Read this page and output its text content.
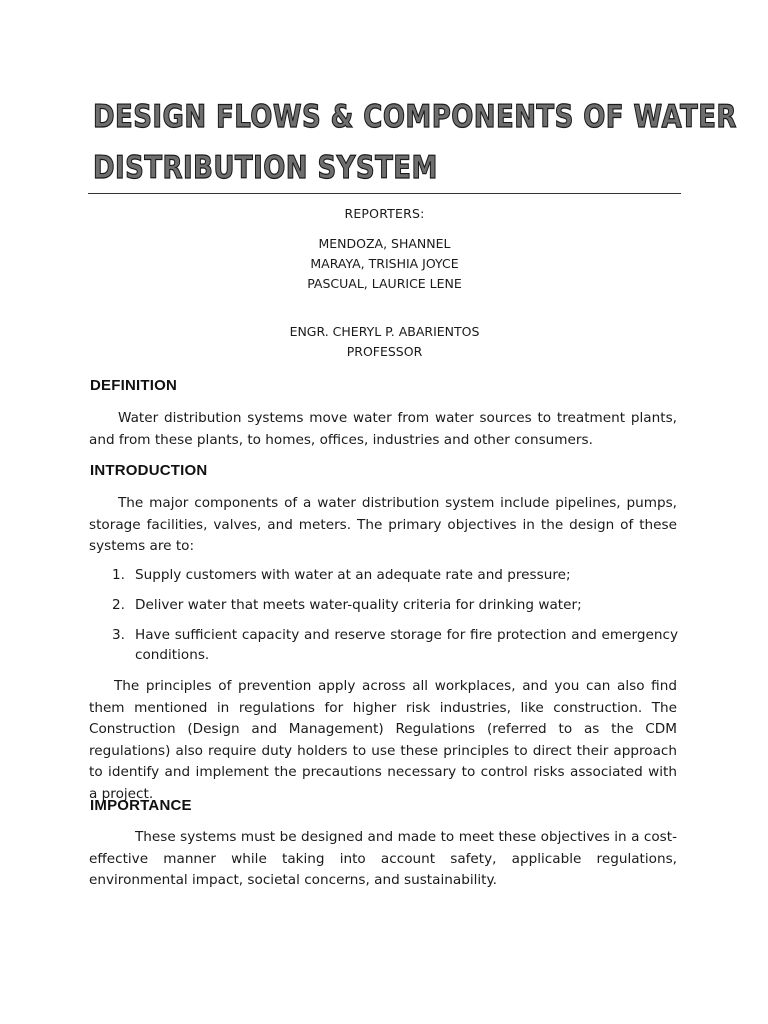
DESIGN FLOWS & COMPONENTS OF WATER
DISTRIBUTION SYSTEM
REPORTERS:
MENDOZA, SHANNEL
MARAYA, TRISHIA JOYCE
PASCUAL, LAURICE LENE
ENGR. CHERYL P. ABARIENTOS
PROFESSOR
DEFINITION
Water distribution systems move water from water sources to treatment plants, and from these plants, to homes, offices, industries and other consumers.
INTRODUCTION
The major components of a water distribution system include pipelines, pumps, storage facilities, valves, and meters. The primary objectives in the design of these systems are to:
1. Supply customers with water at an adequate rate and pressure;
2. Deliver water that meets water-quality criteria for drinking water;
3. Have sufficient capacity and reserve storage for fire protection and emergency conditions.
The principles of prevention apply across all workplaces, and you can also find them mentioned in regulations for higher risk industries, like construction. The Construction (Design and Management) Regulations (referred to as the CDM regulations) also require duty holders to use these principles to direct their approach to identify and implement the precautions necessary to control risks associated with a project.
IMPORTANCE
These systems must be designed and made to meet these objectives in a cost-effective manner while taking into account safety, applicable regulations, environmental impact, societal concerns, and sustainability.
